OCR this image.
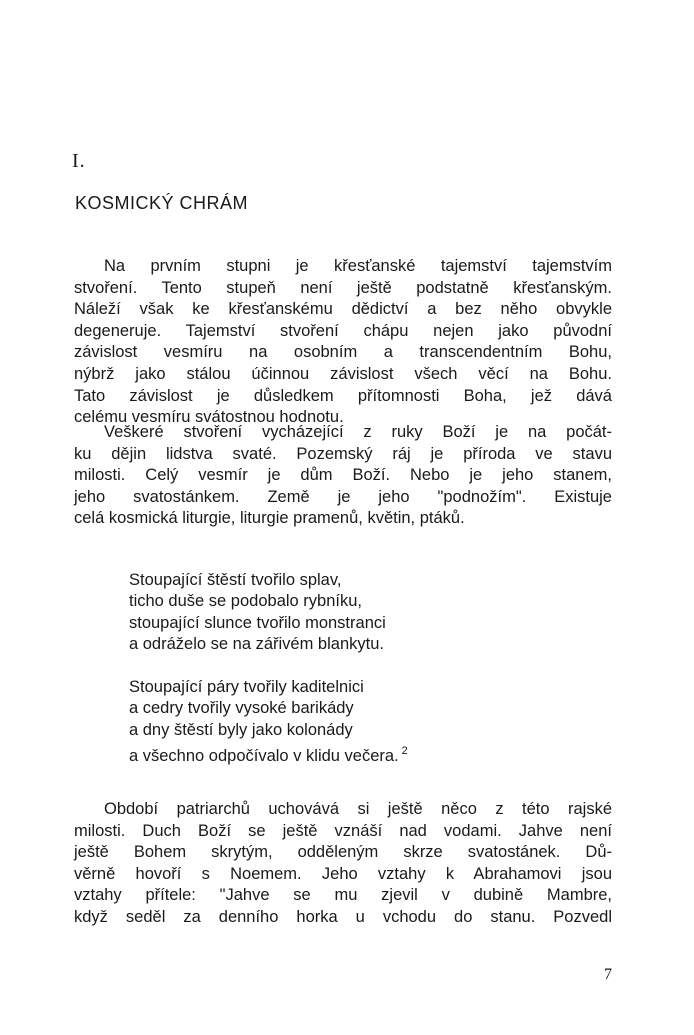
I.
KOSMICKÝ CHRÁM
Na prvním stupni je křesťanské tajemství tajemstvím
stvoření. Tento stupeň není ještě podstatně křesťanským.
Náleží však ke křesťanskému dědictví a bez něho obvykle
degeneruje. Tajemství stvoření chápu nejen jako původní
závislost vesmíru na osobním a transcendentním Bohu,
nýbrž jako stálou účinnou závislost všech věcí na Bohu.
Tato závislost je důsledkem přítomnosti Boha, jež dává
celému vesmíru svátostnou hodnotu.
Veškeré stvoření vycházející z ruky Boží je na počát-
ku dějin lidstva svaté. Pozemský ráj je příroda ve stavu
milosti. Celý vesmír je dům Boží. Nebo je jeho stanem,
jeho svatostánkem. Země je jeho "podnožím". Existuje
celá kosmická liturgie, liturgie pramenů, květin, ptáků.
Stoupající štěstí tvořilo splav,
ticho duše se podobalo rybníku,
stoupající slunce tvořilo monstranci
a odráželo se na zářivém blankytu.
Stoupající páry tvořily kaditelnici
a cedry tvořily vysoké barikády
a dny štěstí byly jako kolonády
a všechno odpočívalo v klidu večera. $^2$
Období patriarchů uchovává si ještě něco z této rajské
milosti. Duch Boží se ještě vznáší nad vodami. Jahve není
ještě Bohem skrytým, odděleným skrze svatostánek. Dů-
věrně hovoří s Noemem. Jeho vztahy k Abrahamovi jsou
vztahy přítele: "Jahve se mu zjevil v dubině Mambre,
když seděl za denního horka u vchodu do stanu. Pozvedl
7
